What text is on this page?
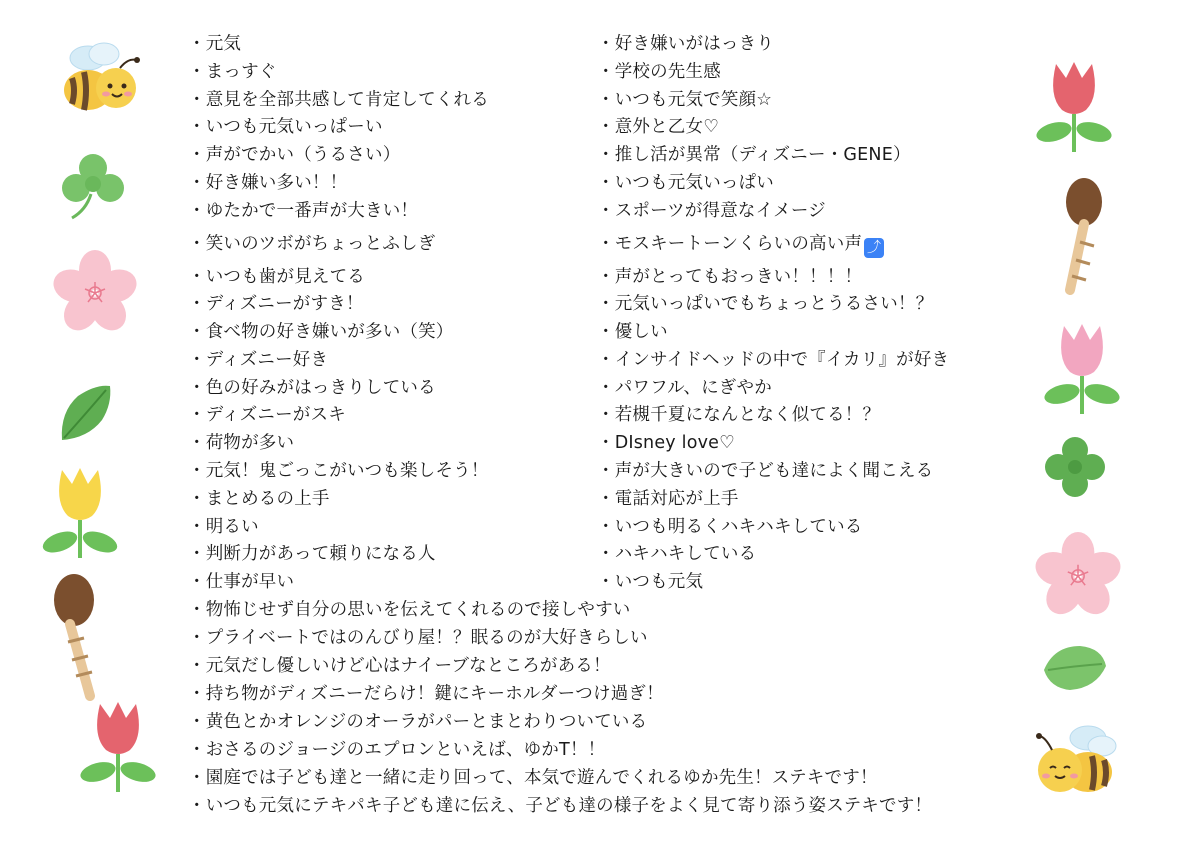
・元気
・まっすぐ
・意見を全部共感して肯定してくれる
・いつも元気いっぱーい
・声がでかい（うるさい）
・好き嫌い多い！！
・ゆたかで一番声が大きい！
・笑いのツボがちょっとふしぎ
・いつも歯が見えてる
・ディズニーがすき！
・食べ物の好き嫌いが多い（笑）
・ディズニー好き
・色の好みがはっきりしている
・ディズニーがスキ
・荷物が多い
・元気！鬼ごっこがいつも楽しそう！
・まとめるの上手
・明るい
・判断力があって頼りになる人
・仕事が早い
・好き嫌いがはっきり
・学校の先生感
・いつも元気で笑顔☆
・意外と乙女♡
・推し活が異常（ディズニー・GENE）
・いつも元気いっぱい
・スポーツが得意なイメージ
・モスキートーンくらいの高い声 ⤴
・声がとってもおっきい！！！！
・元気いっぱいでもちょっとうるさい！？
・優しい
・インサイドヘッドの中で『イカリ』が好き
・パワフル、にぎやか
・若槻千夏になんとなく似てる！？
・DIsney love♡
・声が大きいので子ども達によく聞こえる
・電話対応が上手
・いつも明るくハキハキしている
・ハキハキしている
・いつも元気
・物怖じせず自分の思いを伝えてくれるので接しやすい
・プライベートではのんびり屋！？眠るのが大好きらしい
・元気だし優しいけど心はナイーブなところがある！
・持ち物がディズニーだらけ！鍵にキーホルダーつけ過ぎ！
・黄色とかオレンジのオーラがパーとまとわりついている
・おさるのジョージのエプロンといえば、ゆかT！！
・園庭では子ども達と一緒に走り回って、本気で遊んでくれるゆか先生！ステキです！
・いつも元気にテキパキ子ども達に伝え、子ども達の様子をよく見て寄り添う姿ステキです！
